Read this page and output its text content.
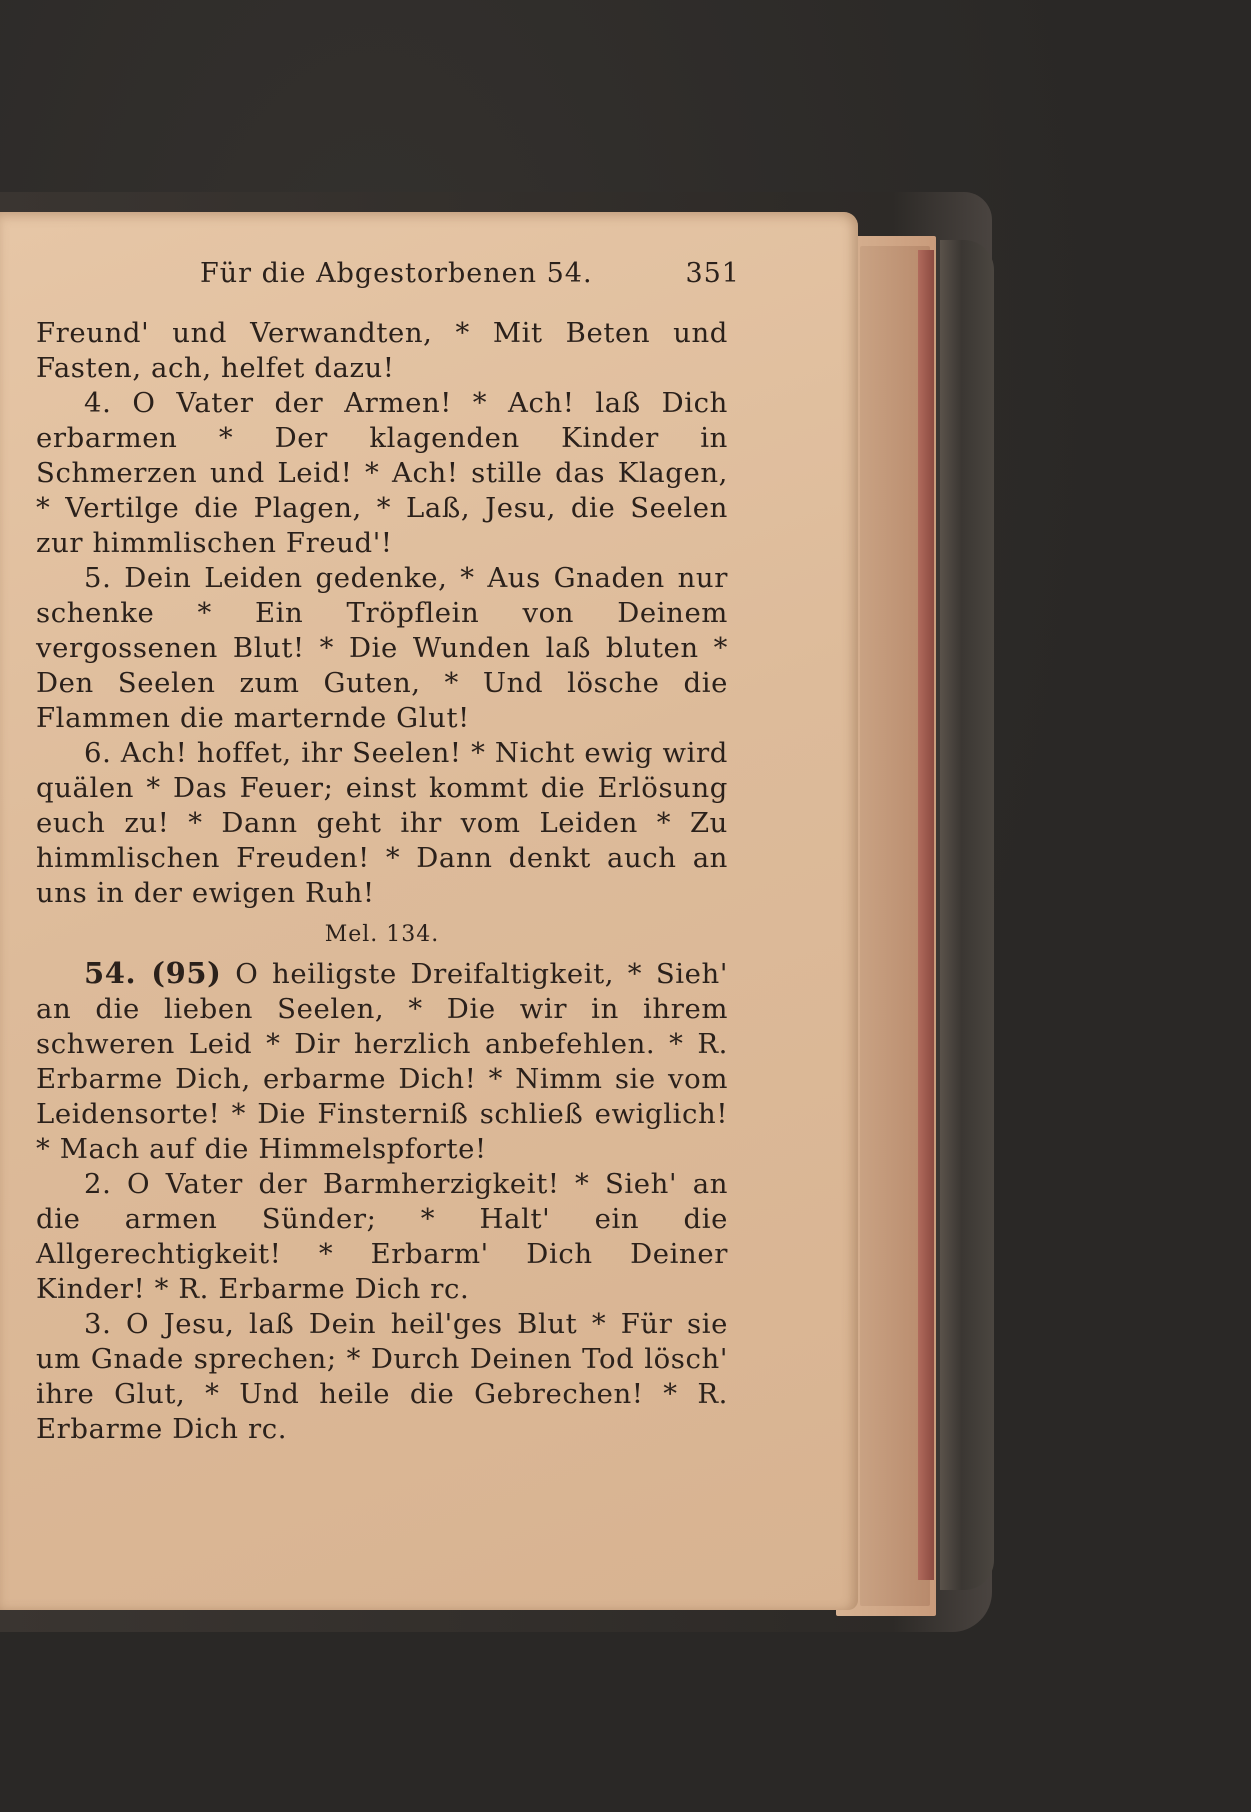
Für die Abgestorbenen 54.	351

Freund' und Verwandten, * Mit Beten und Fasten, ach, helfet dazu!

4. O Vater der Armen! * Ach! laß Dich erbarmen * Der klagenden Kinder in Schmerzen und Leid! * Ach! stille das Klagen, * Vertilge die Plagen, * Laß, Jesu, die Seelen zur himmlischen Freud'!

5. Dein Leiden gedenke, * Aus Gnaden nur schenke * Ein Tröpflein von Deinem vergossenen Blut! * Die Wunden laß bluten * Den Seelen zum Guten, * Und lösche die Flammen die marternde Glut!

6. Ach! hoffet, ihr Seelen! * Nicht ewig wird quälen * Das Feuer; einst kommt die Erlösung euch zu! * Dann geht ihr vom Leiden * Zu himmlischen Freuden! * Dann denkt auch an uns in der ewigen Ruh!

Mel. 134.

54. (95) O heiligste Dreifaltigkeit, * Sieh' an die lieben Seelen, * Die wir in ihrem schweren Leid * Dir herzlich anbefehlen. * R. Erbarme Dich, erbarme Dich! * Nimm sie vom Leidensorte! * Die Finsterniß schließ ewiglich! * Mach auf die Himmelspforte!

2. O Vater der Barmherzigkeit! * Sieh' an die armen Sünder; * Halt' ein die Allgerechtigkeit! * Erbarm' Dich Deiner Kinder! * R. Erbarme Dich rc.

3. O Jesu, laß Dein heil'ges Blut * Für sie um Gnade sprechen; * Durch Deinen Tod lösch' ihre Glut, * Und heile die Gebrechen! * R. Erbarme Dich rc.
